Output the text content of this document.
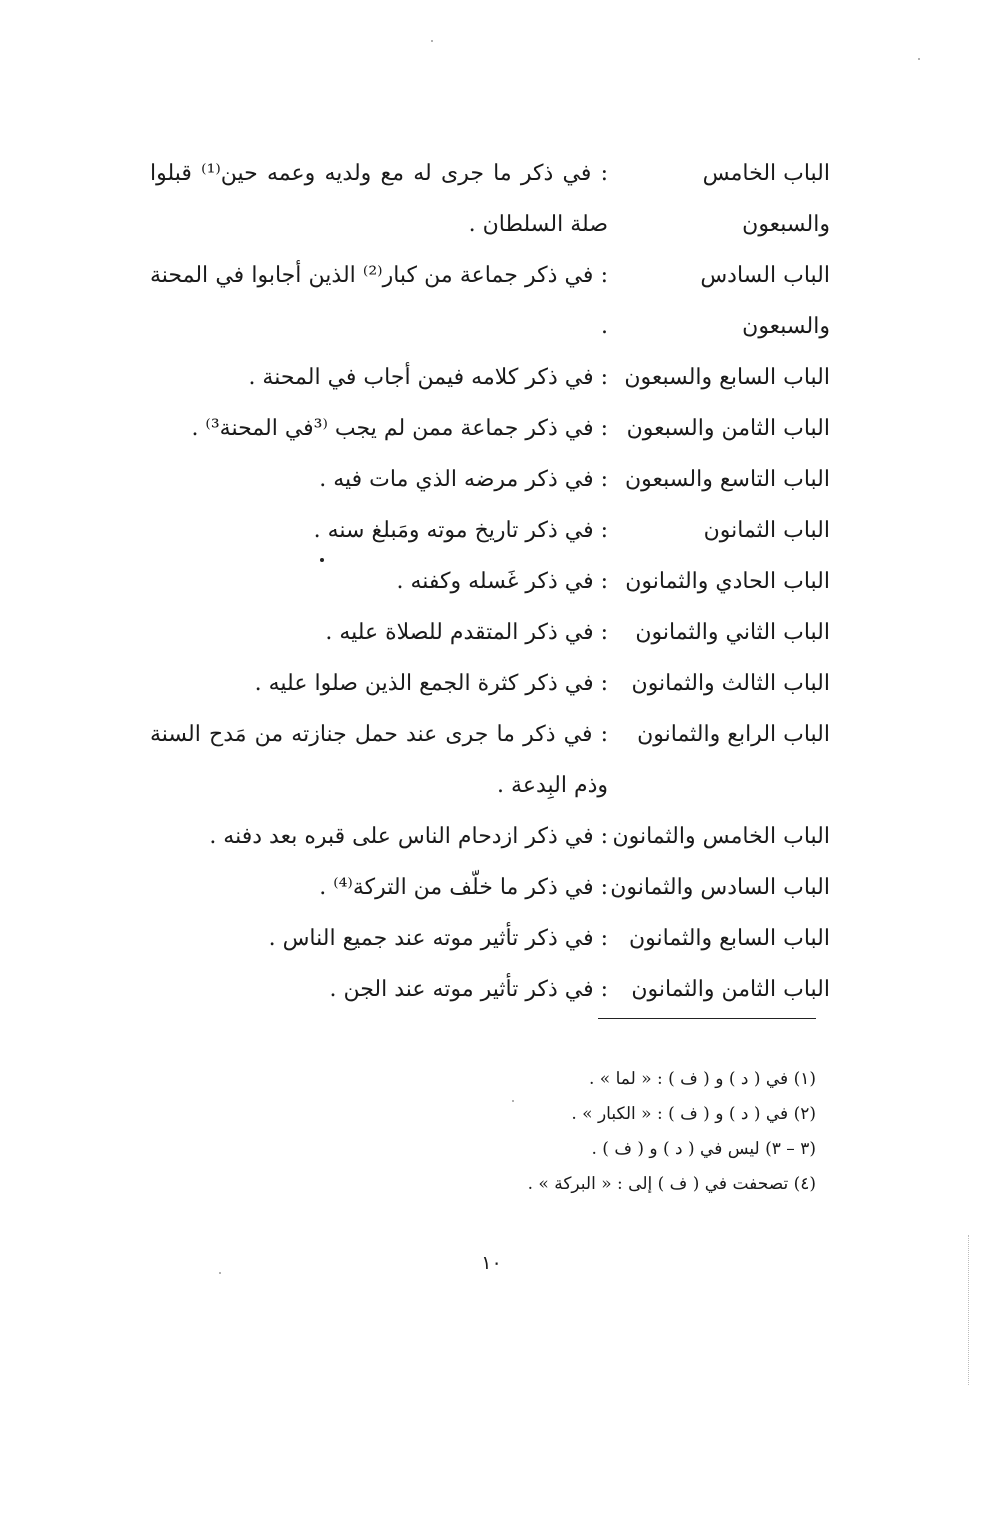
الباب الخامس والسبعون
: في ذكر ما جرى له مع ولديه وعمه حين⁽¹⁾ قبلوا صلة السلطان .
الباب السادس والسبعون
: في ذكر جماعة من كبار⁽²⁾ الذين أجابوا في المحنة .
الباب السابع والسبعون
: في ذكر كلامه فيمن أجاب في المحنة .
الباب الثامن والسبعون
: في ذكر جماعة ممن لم يجب ⁽³في المحنة³⁾ .
الباب التاسع والسبعون
: في ذكر مرضه الذي مات فيه .
الباب الثمانون
: في ذكر تاريخ موته ومَبلغ سنه .
الباب الحادي والثمانون
: في ذكر غَسله وكفنه .
الباب الثاني والثمانون
: في ذكر المتقدم للصلاة عليه .
الباب الثالث والثمانون
: في ذكر كثرة الجمع الذين صلوا عليه .
الباب الرابع والثمانون
: في ذكر ما جرى عند حمل جنازته من مَدح السنة وذم البِدعة .
الباب الخامس والثمانون
: في ذكر ازدحام الناس على قبره بعد دفنه .
الباب السادس والثمانون
: في ذكر ما خلّف من التركة⁽⁴⁾ .
الباب السابع والثمانون
: في ذكر تأثير موته عند جميع الناس .
الباب الثامن والثمانون
: في ذكر تأثير موته عند الجن .
(١) في ( د ) و ( ف ) : « لما » .
(٢) في ( د ) و ( ف ) : « الكبار » .
(٣ – ٣) ليس في ( د ) و ( ف ) .
(٤) تصحفت في ( ف ) إلى : « البركة » .
١٠
